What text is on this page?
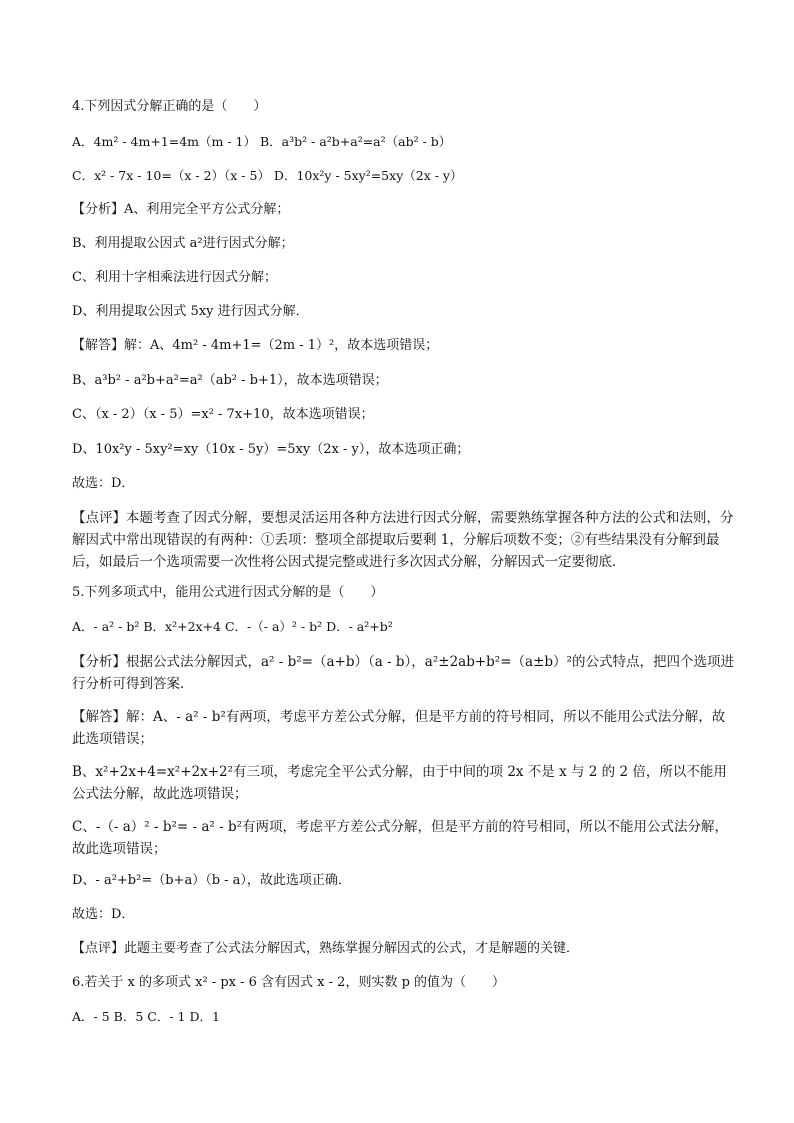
4.下列因式分解正确的是（　　）
A．4m² - 4m+1=4m（m - 1） B．a³b² - a²b+a²=a²（ab² - b）
C．x² - 7x - 10=（x - 2）（x - 5） D．10x²y - 5xy²=5xy（2x - y）
【分析】A、利用完全平方公式分解；
B、利用提取公因式 a²进行因式分解；
C、利用十字相乘法进行因式分解；
D、利用提取公因式 5xy 进行因式分解．
【解答】解：A、4m² - 4m+1=（2m - 1）²，故本选项错误；
B、a³b² - a²b+a²=a²（ab² - b+1），故本选项错误；
C、（x - 2）（x - 5）=x² - 7x+10，故本选项错误；
D、10x²y - 5xy²=xy（10x - 5y）=5xy（2x - y），故本选项正确；
故选：D．
【点评】本题考查了因式分解，要想灵活运用各种方法进行因式分解，需要熟练掌握各种方法的公式和法则，分解因式中常出现错误的有两种：①丢项：整项全部提取后要剩 1，分解后项数不变；②有些结果没有分解到最后，如最后一个选项需要一次性将公因式提完整或进行多次因式分解，分解因式一定要彻底．
5.下列多项式中，能用公式进行因式分解的是（　　）
A．- a² - b² B．x²+2x+4 C．-（- a）² - b² D．- a²+b²
【分析】根据公式法分解因式，a² - b²=（a+b）（a - b），a²±2ab+b²=（a±b）²的公式特点，把四个选项进行分析可得到答案．
【解答】解：A、- a² - b²有两项，考虑平方差公式分解，但是平方前的符号相同，所以不能用公式法分解，故此选项错误；
B、x²+2x+4=x²+2x+2²有三项，考虑完全平公式分解，由于中间的项 2x 不是 x 与 2 的 2 倍，所以不能用公式法分解，故此选项错误；
C、-（- a）² - b²= - a² - b²有两项，考虑平方差公式分解，但是平方前的符号相同，所以不能用公式法分解，故此选项错误；
D、- a²+b²=（b+a）（b - a），故此选项正确．
故选：D．
【点评】此题主要考查了公式法分解因式，熟练掌握分解因式的公式，才是解题的关键．
6.若关于 x 的多项式 x² - px - 6 含有因式 x - 2，则实数 p 的值为（　　）
A．- 5 B．5 C．- 1 D．1
